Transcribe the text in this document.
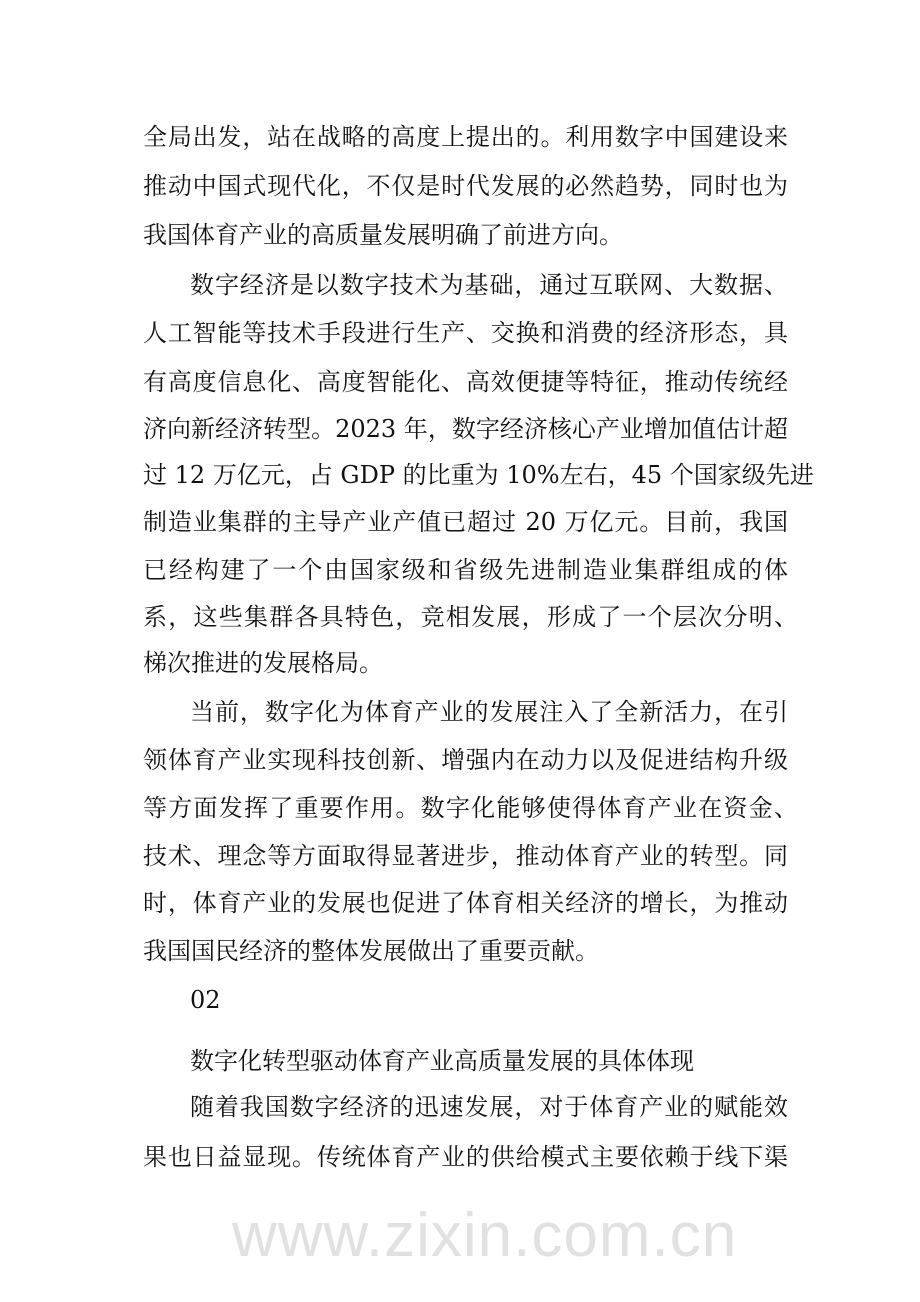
全局出发，站在战略的高度上提出的。利用数字中国建设来
推动中国式现代化，不仅是时代发展的必然趋势，同时也为
我国体育产业的高质量发展明确了前进方向。
数字经济是以数字技术为基础，通过互联网、大数据、
人工智能等技术手段进行生产、交换和消费的经济形态，具
有高度信息化、高度智能化、高效便捷等特征，推动传统经
济向新经济转型。2023 年，数字经济核心产业增加值估计超
过 12 万亿元，占 GDP 的比重为 10%左右，45 个国家级先进
制造业集群的主导产业产值已超过 20 万亿元。目前，我国
已经构建了一个由国家级和省级先进制造业集群组成的体
系，这些集群各具特色，竞相发展，形成了一个层次分明、
梯次推进的发展格局。
当前，数字化为体育产业的发展注入了全新活力，在引
领体育产业实现科技创新、增强内在动力以及促进结构升级
等方面发挥了重要作用。数字化能够使得体育产业在资金、
技术、理念等方面取得显著进步，推动体育产业的转型。同
时，体育产业的发展也促进了体育相关经济的增长，为推动
我国国民经济的整体发展做出了重要贡献。
02
数字化转型驱动体育产业高质量发展的具体体现
随着我国数字经济的迅速发展，对于体育产业的赋能效
果也日益显现。传统体育产业的供给模式主要依赖于线下渠
www.zixin.com.cn
